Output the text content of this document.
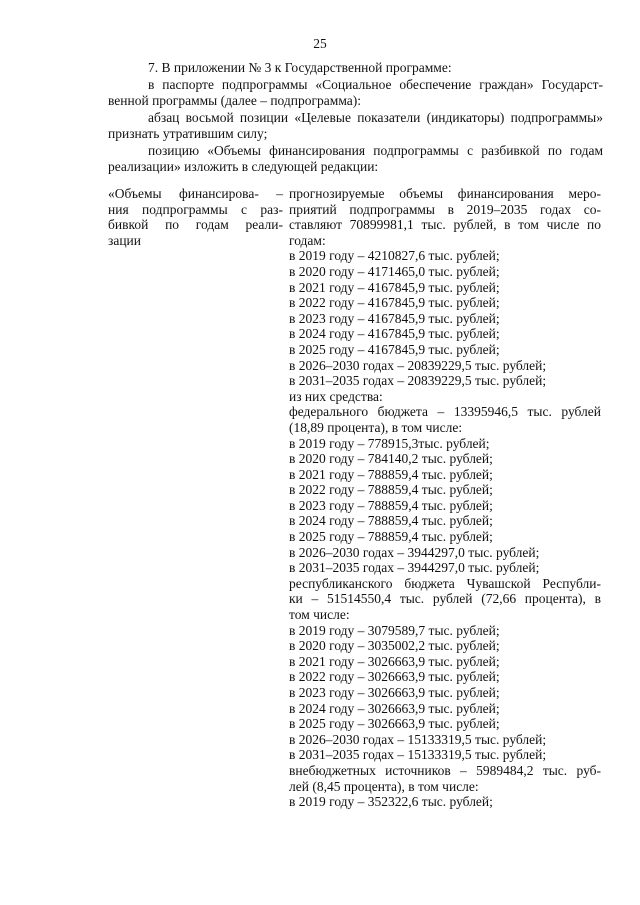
25
7. В приложении № 3 к Государственной программе:
в паспорте подпрограммы «Социальное обеспечение граждан» Государст-
венной программы (далее – подпрограмма):
абзац восьмой позиции «Целевые показатели (индикаторы) подпрограммы»
признать утратившим силу;
позицию «Объемы финансирования подпрограммы с разбивкой по годам
реализации» изложить в следующей редакции:
«Объемы финансирова- –
ния подпрограммы с раз-
бивкой по годам реали-
зации
прогнозируемые объемы финансирования меро-
приятий подпрограммы в 2019–2035 годах со-
ставляют 70899981,1 тыс. рублей, в том числе по
годам:
в 2019 году – 4210827,6 тыс. рублей;
в 2020 году – 4171465,0 тыс. рублей;
в 2021 году – 4167845,9 тыс. рублей;
в 2022 году – 4167845,9 тыс. рублей;
в 2023 году – 4167845,9 тыс. рублей;
в 2024 году – 4167845,9 тыс. рублей;
в 2025 году – 4167845,9 тыс. рублей;
в 2026–2030 годах – 20839229,5 тыс. рублей;
в 2031–2035 годах – 20839229,5 тыс. рублей;
из них средства:
федерального бюджета – 13395946,5 тыс. рублей
(18,89 процента), в том числе:
в 2019 году – 778915,3тыс. рублей;
в 2020 году – 784140,2 тыс. рублей;
в 2021 году – 788859,4 тыс. рублей;
в 2022 году – 788859,4 тыс. рублей;
в 2023 году – 788859,4 тыс. рублей;
в 2024 году – 788859,4 тыс. рублей;
в 2025 году – 788859,4 тыс. рублей;
в 2026–2030 годах – 3944297,0 тыс. рублей;
в 2031–2035 годах – 3944297,0 тыс. рублей;
республиканского бюджета Чувашской Республи-
ки – 51514550,4 тыс. рублей (72,66 процента), в
том числе:
в 2019 году – 3079589,7 тыс. рублей;
в 2020 году – 3035002,2 тыс. рублей;
в 2021 году – 3026663,9 тыс. рублей;
в 2022 году – 3026663,9 тыс. рублей;
в 2023 году – 3026663,9 тыс. рублей;
в 2024 году – 3026663,9 тыс. рублей;
в 2025 году – 3026663,9 тыс. рублей;
в 2026–2030 годах – 15133319,5 тыс. рублей;
в 2031–2035 годах – 15133319,5 тыс. рублей;
внебюджетных источников – 5989484,2 тыс. руб-
лей (8,45 процента), в том числе:
в 2019 году – 352322,6 тыс. рублей;
